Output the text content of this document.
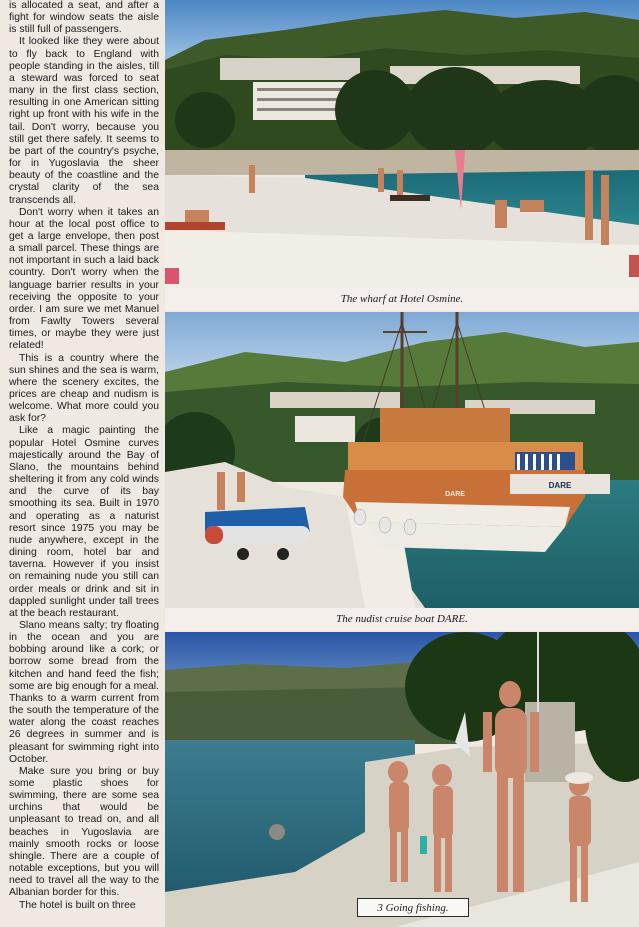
is allocated a seat, and after a fight for window seats the aisle is still full of passengers.

It looked like they were about to fly back to England with people standing in the aisles, till a steward was forced to seat many in the first class section, resulting in one American sitting right up front with his wife in the tail. Don't worry, because you still get there safely. It seems to be part of the country's psyche, for in Yugoslavia the sheer beauty of the coastline and the crystal clarity of the sea transcends all.

Don't worry when it takes an hour at the local post office to get a large envelope, then post a small parcel. These things are not important in such a laid back country. Don't worry when the language barrier results in your receiving the opposite to your order. I am sure we met Manuel from Fawlty Towers several times, or maybe they were just related!

This is a country where the sun shines and the sea is warm, where the scenery excites, the prices are cheap and nudism is welcome. What more could you ask for?

Like a magic painting the popular Hotel Osmine curves majestically around the Bay of Slano, the mountains behind sheltering it from any cold winds and the curve of its bay smoothing its sea. Built in 1970 and operating as a naturist resort since 1975 you may be nude anywhere, except in the dining room, hotel bar and taverna. However if you insist on remaining nude you still can order meals or drink and sit in dappled sunlight under tall trees at the beach restaurant.

Slano means salty; try floating in the ocean and you are bobbing around like a cork; or borrow some bread from the kitchen and hand feed the fish; some are big enough for a meal. Thanks to a warm current from the south the temperature of the water along the coast reaches 26 degrees in summer and is pleasant for swimming right into October.

Make sure you bring or buy some plastic shoes for swimming, there are some sea urchins that would be unpleasant to tread on, and all beaches in Yugoslavia are mainly smooth rocks or loose shingle. There are a couple of notable exceptions, but you will need to travel all the way to the Albanian border for this.

The hotel is built on three

The wharf at Hotel Osmine.
DARE
DARE
The nudist cruise boat DARE.
3 Going fishing.
